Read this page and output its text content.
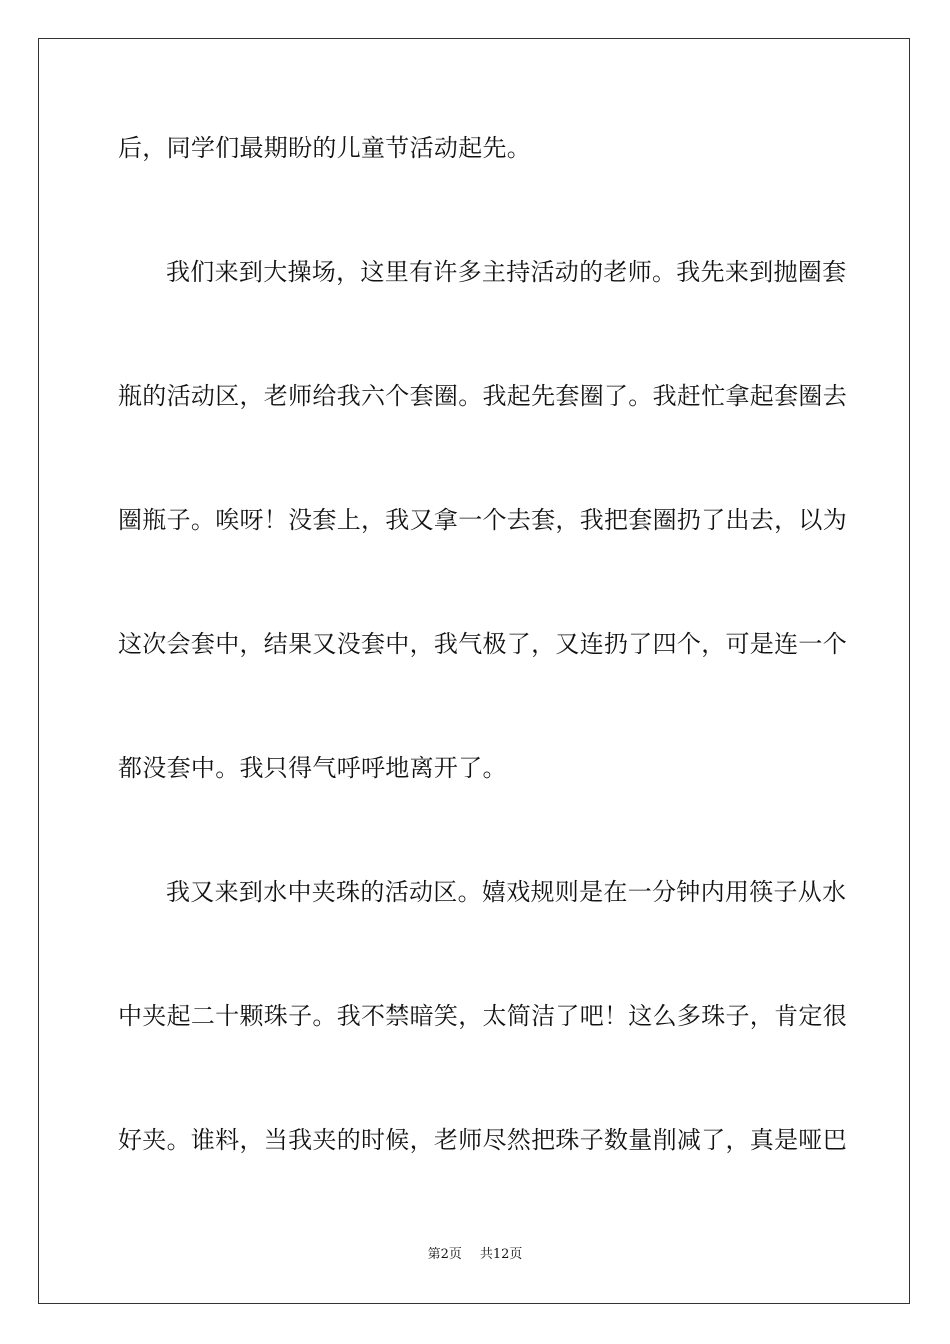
后，同学们最期盼的儿童节活动起先。
我们来到大操场，这里有许多主持活动的老师。我先来到抛圈套
瓶的活动区，老师给我六个套圈。我起先套圈了。我赶忙拿起套圈去
圈瓶子。唉呀！没套上，我又拿一个去套，我把套圈扔了出去，以为
这次会套中，结果又没套中，我气极了，又连扔了四个，可是连一个
都没套中。我只得气呼呼地离开了。
我又来到水中夹珠的活动区。嬉戏规则是在一分钟内用筷子从水
中夹起二十颗珠子。我不禁暗笑，太简洁了吧！这么多珠子，肯定很
好夹。谁料，当我夹的时候，老师尽然把珠子数量削减了，真是哑巴
第2页 共12页
